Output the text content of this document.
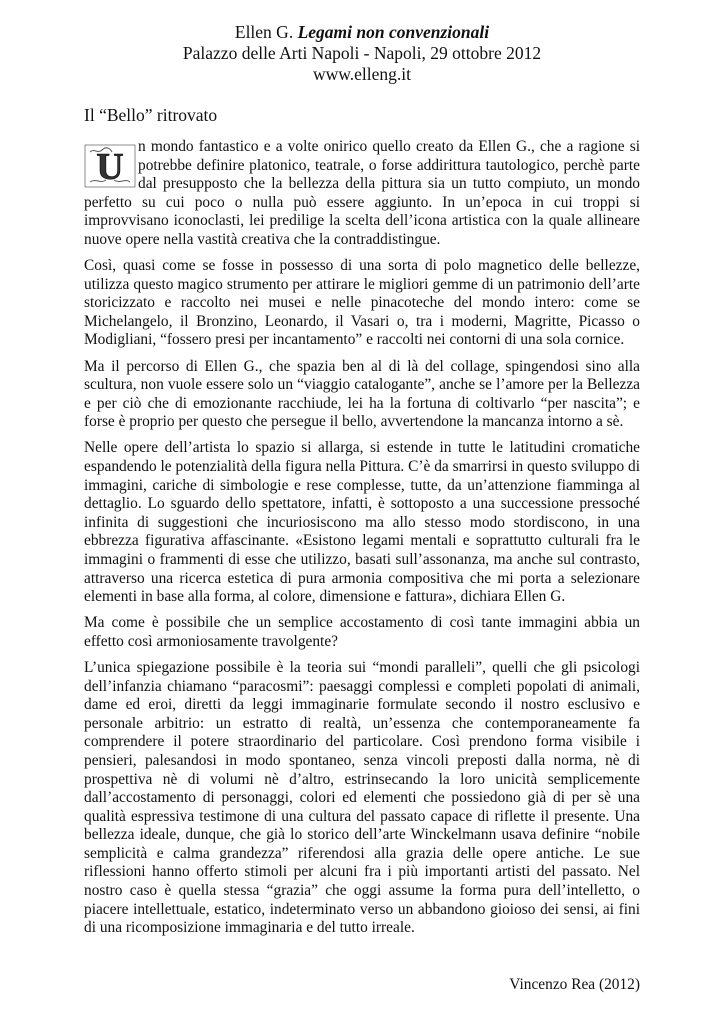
Ellen G. Legami non convenzionali
Palazzo delle Arti Napoli - Napoli, 29 ottobre 2012
www.elleng.it
Il “Bello” ritrovato

U n mondo fantastico e a volte onirico quello creato da Ellen G., che a ragione si potrebbe definire platonico, teatrale, o forse addirittura tautologico, perchè parte dal presupposto che la bellezza della pittura sia un tutto compiuto, un mondo perfetto su cui poco o nulla può essere aggiunto. In un’epoca in cui troppi si improvvisano iconoclasti, lei predilige la scelta dell’icona artistica con la quale allineare nuove opere nella vastità creativa che la contraddistingue.

Così, quasi come se fosse in possesso di una sorta di polo magnetico delle bellezze, utilizza questo magico strumento per attirare le migliori gemme di un patrimonio dell’arte storicizzato e raccolto nei musei e nelle pinacoteche del mondo intero: come se Michelangelo, il Bronzino, Leonardo, il Vasari o, tra i moderni, Magritte, Picasso o Modigliani, “fossero presi per incantamento” e raccolti nei contorni di una sola cornice.

Ma il percorso di Ellen G., che spazia ben al di là del collage, spingendosi sino alla scultura, non vuole essere solo un “viaggio catalogante”, anche se l’amore per la Bellezza e per ciò che di emozionante racchiude, lei ha la fortuna di coltivarlo “per nascita”; e forse è proprio per questo che persegue il bello, avvertendone la mancanza intorno a sè.

Nelle opere dell’artista lo spazio si allarga, si estende in tutte le latitudini cromatiche espandendo le potenzialità della figura nella Pittura. C’è da smarrirsi in questo sviluppo di immagini, cariche di simbologie e rese complesse, tutte, da un’attenzione fiamminga al dettaglio. Lo sguardo dello spettatore, infatti, è sottoposto a una successione pressoché infinita di suggestioni che incuriosiscono ma allo stesso modo stordiscono, in una ebbrezza figurativa affascinante. «Esistono legami mentali e soprattutto culturali fra le immagini o frammenti di esse che utilizzo, basati sull’assonanza, ma anche sul contrasto, attraverso una ricerca estetica di pura armonia compositiva che mi porta a selezionare elementi in base alla forma, al colore, dimensione e fattura», dichiara Ellen G.

Ma come è possibile che un semplice accostamento di così tante immagini abbia un effetto così armoniosamente travolgente?

L’unica spiegazione possibile è la teoria sui “mondi paralleli”, quelli che gli psicologi dell’infanzia chiamano “paracosmi”: paesaggi complessi e completi popolati di animali, dame ed eroi, diretti da leggi immaginarie formulate secondo il nostro esclusivo e personale arbitrio: un estratto di realtà, un’essenza che contemporaneamente fa comprendere il potere straordinario del particolare. Così prendono forma visibile i pensieri, palesandosi in modo spontaneo, senza vincoli preposti dalla norma, nè di prospettiva nè di volumi nè d’altro, estrinsecando la loro unicità semplicemente dall’accostamento di personaggi, colori ed elementi che possiedono già di per sè una qualità espressiva testimone di una cultura del passato capace di riflette il presente. Una bellezza ideale, dunque, che già lo storico dell’arte Winckelmann usava definire “nobile semplicità e calma grandezza” riferendosi alla grazia delle opere antiche. Le sue riflessioni hanno offerto stimoli per alcuni fra i più importanti artisti del passato. Nel nostro caso è quella stessa “grazia” che oggi assume la forma pura dell’intelletto, o piacere intellettuale, estatico, indeterminato verso un abbandono gioioso dei sensi, ai fini di una ricomposizione immaginaria e del tutto irreale.

Vincenzo Rea (2012)
